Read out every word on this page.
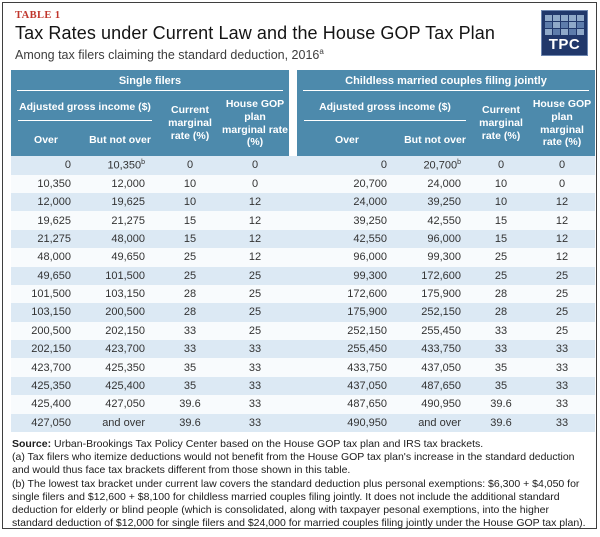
TABLE 1
Tax Rates under Current Law and the House GOP Tax Plan
Among tax filers claiming the standard deduction, 2016$^a$	TPC
Single filers
Adjusted gross income ($)
Over	But not over
Current marginal rate (%)
House GOP plan marginal rate (%)
Childless married couples filing jointly
Adjusted gross income ($)
Over	But not over
Current marginal rate (%)
House GOP plan marginal rate (%)
0	10,350$^b$	0	0	0	20,700$^b$	0	0
10,350	12,000	10	0	20,700	24,000	10	0
12,000	19,625	10	12	24,000	39,250	10	12
19,625	21,275	15	12	39,250	42,550	15	12
21,275	48,000	15	12	42,550	96,000	15	12
48,000	49,650	25	12	96,000	99,300	25	12
49,650	101,500	25	25	99,300	172,600	25	25
101,500	103,150	28	25	172,600	175,900	28	25
103,150	200,500	28	25	175,900	252,150	28	25
200,500	202,150	33	25	252,150	255,450	33	25
202,150	423,700	33	33	255,450	433,750	33	33
423,700	425,350	35	33	433,750	437,050	35	33
425,350	425,400	35	33	437,050	487,650	35	33
425,400	427,050	39.6	33	487,650	490,950	39.6	33
427,050	and over	39.6	33	490,950	and over	39.6	33
Source: Urban-Brookings Tax Policy Center based on the House GOP tax plan and IRS tax brackets.
(a) Tax filers who itemize deductions would not benefit from the House GOP tax plan's increase in the standard deduction and would thus face tax brackets different from those shown in this table.
(b) The lowest tax bracket under current law covers the standard deduction plus personal exemptions: $6,300 + $4,050 for single filers and $12,600 + $8,100 for childless married couples filing jointly. It does not include the additional standard deduction for elderly or blind people (which is consolidated, along with taxpayer pesonal exemptions, into the higher standard deduction of $12,000 for single filers and $24,000 for married couples filing jointly under the House GOP tax plan).
